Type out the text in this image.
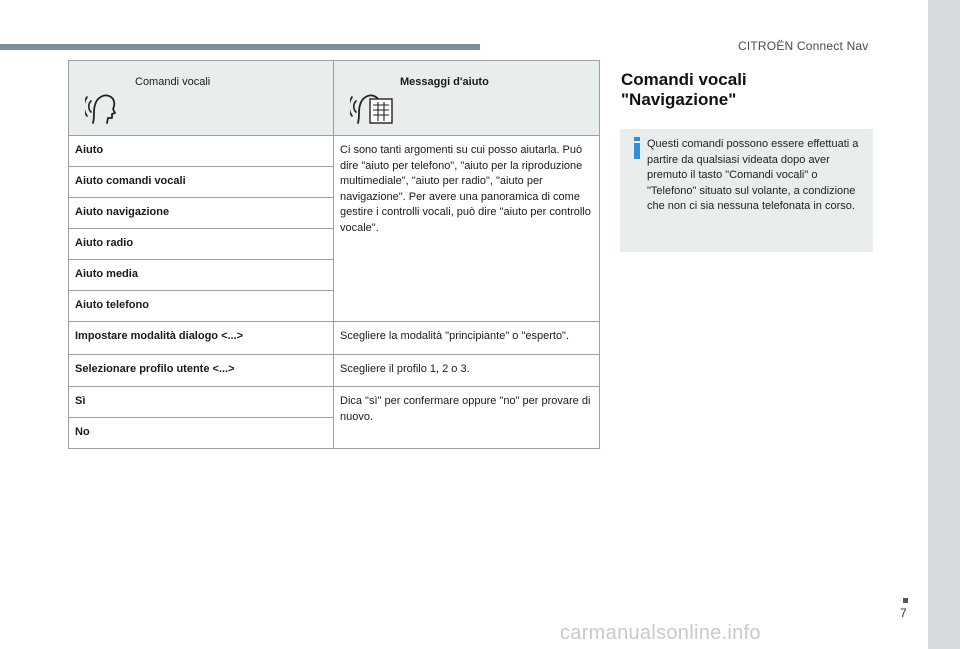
CITROËN Connect Nav
Comandi vocali	Messaggi d'aiuto

Aiuto	Ci sono tanti argomenti su cui posso aiutarla. Può dire "aiuto per telefono", "aiuto per la riproduzione multimediale", "aiuto per radio", "aiuto per navigazione". Per avere una panoramica di come gestire i controlli vocali, può dire "aiuto per controllo vocale".
Aiuto comandi vocali	
Aiuto navigazione	
Aiuto radio	
Aiuto media	
Aiuto telefono	
Impostare modalità dialogo <...>	Scegliere la modalità "principiante" o "esperto".
Selezionare profilo utente <...>	Scegliere il profilo 1, 2 o 3.
Sì	Dica "sì" per confermare oppure "no" per provare di nuovo.
No	
Comandi vocali
"Navigazione"
Questi comandi possono essere effettuati a partire da qualsiasi videata dopo aver premuto il tasto "Comandi vocali" o "Telefono" situato sul volante, a condizione che non ci sia nessuna telefonata in corso.
7
carmanualsonline.info
